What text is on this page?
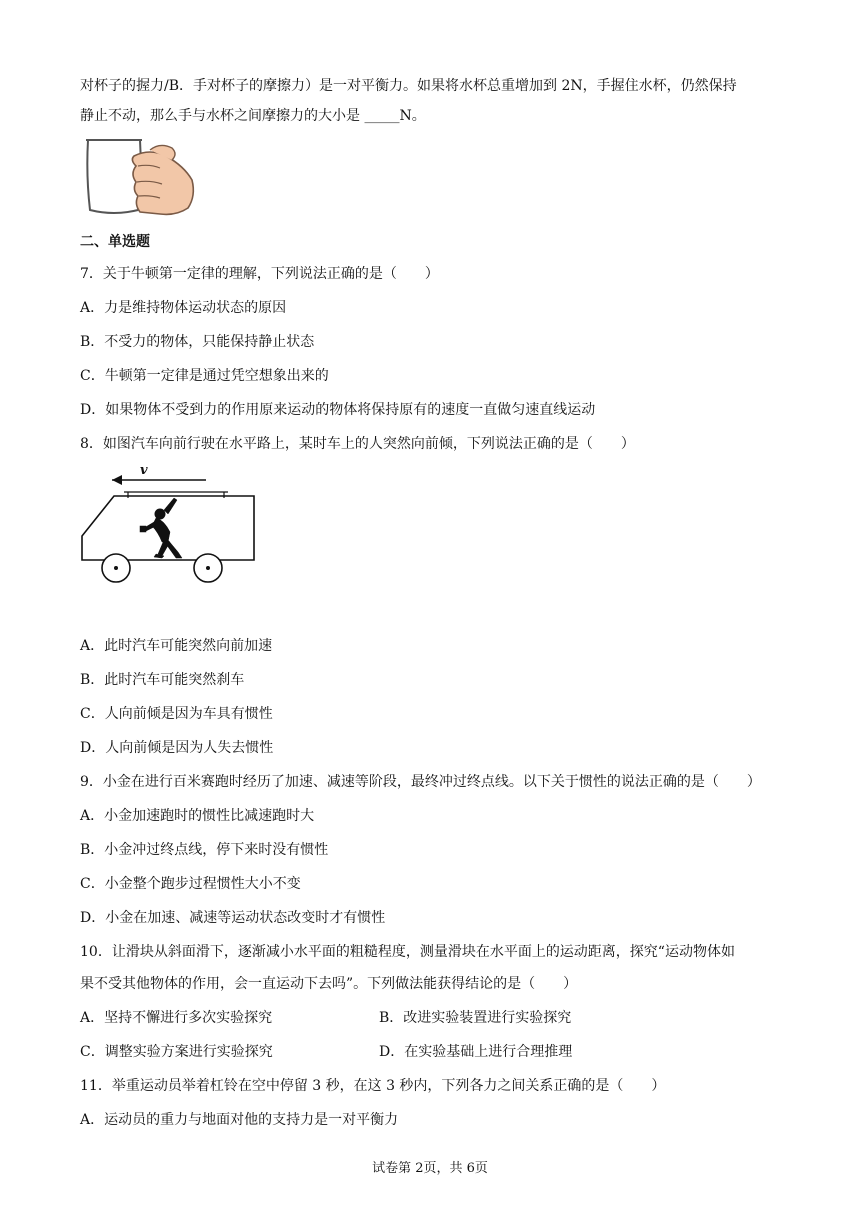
对杯子的握力/B．手对杯子的摩擦力）是一对平衡力。如果将水杯总重增加到 2N，手握住水杯，仍然保持
静止不动，那么手与水杯之间摩擦力的大小是 _____N。
二、单选题
7．关于牛顿第一定律的理解，下列说法正确的是（　　）
A．力是维持物体运动状态的原因
B．不受力的物体，只能保持静止状态
C．牛顿第一定律是通过凭空想象出来的
D．如果物体不受到力的作用原来运动的物体将保持原有的速度一直做匀速直线运动
8．如图汽车向前行驶在水平路上，某时车上的人突然向前倾，下列说法正确的是（　　）
v
A．此时汽车可能突然向前加速
B．此时汽车可能突然刹车
C．人向前倾是因为车具有惯性
D．人向前倾是因为人失去惯性
9．小金在进行百米赛跑时经历了加速、减速等阶段，最终冲过终点线。以下关于惯性的说法正确的是（　　）
A．小金加速跑时的惯性比减速跑时大
B．小金冲过终点线，停下来时没有惯性
C．小金整个跑步过程惯性大小不变
D．小金在加速、减速等运动状态改变时才有惯性
10．让滑块从斜面滑下，逐渐减小水平面的粗糙程度，测量滑块在水平面上的运动距离，探究“运动物体如
果不受其他物体的作用，会一直运动下去吗”。下列做法能获得结论的是（　　）
A．坚持不懈进行多次实验探究	B．改进实验装置进行实验探究
C．调整实验方案进行实验探究	D．在实验基础上进行合理推理
11．举重运动员举着杠铃在空中停留 3 秒，在这 3 秒内，下列各力之间关系正确的是（　　）
A．运动员的重力与地面对他的支持力是一对平衡力
试卷第 2页，共 6页
